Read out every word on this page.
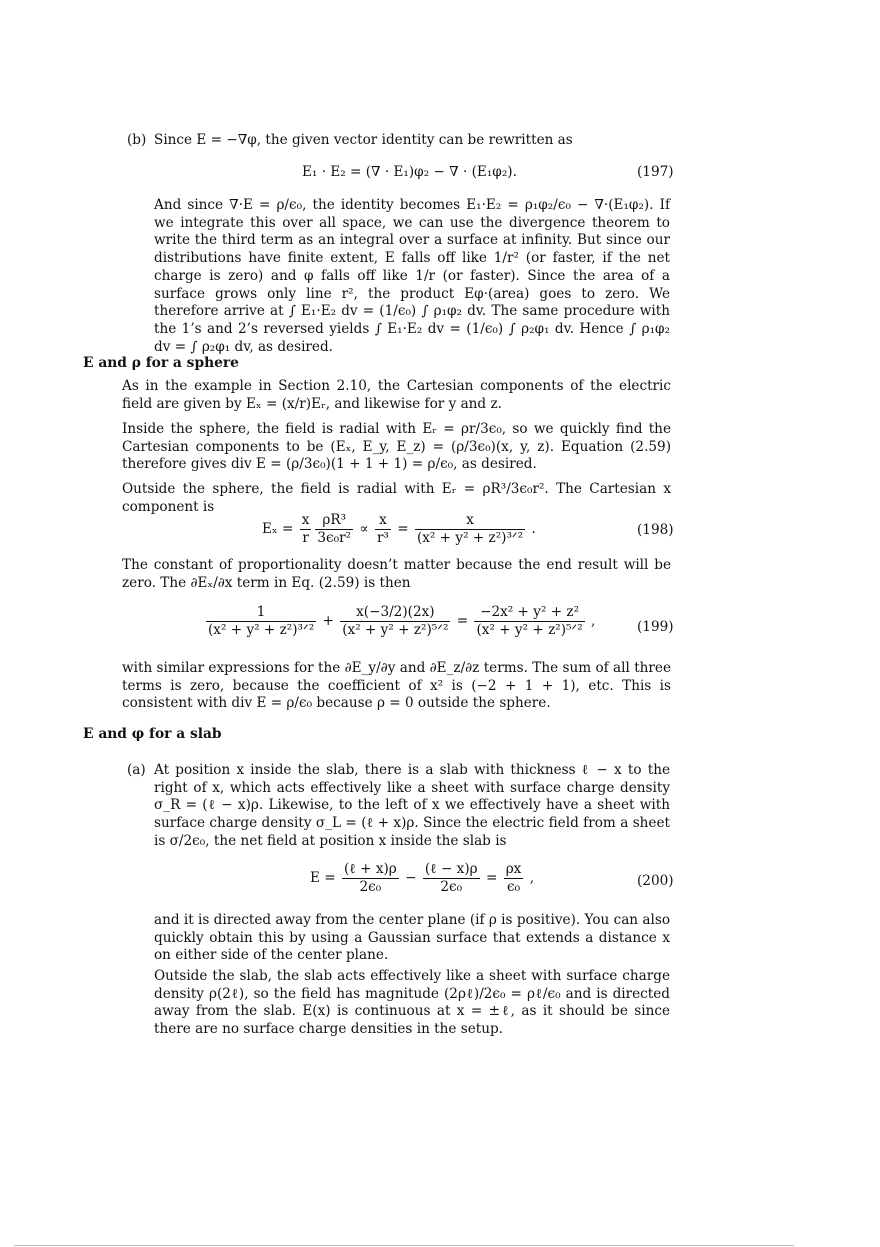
(b) Since E = −∇φ, the given vector identity can be rewritten as

E₁ · E₂ = (∇ · E₁)φ₂ − ∇ · (E₁φ₂).	(197)

And since ∇·E = ρ/ϵ₀, the identity becomes E₁·E₂ = ρ₁φ₂/ϵ₀ − ∇·(E₁φ₂). If we integrate this over all space, we can use the divergence theorem to write the third term as an integral over a surface at infinity. But since our distributions have finite extent, E falls off like 1/r² (or faster, if the net charge is zero) and φ falls off like 1/r (or faster). Since the area of a surface grows only line r², the product Eφ·(area) goes to zero. We therefore arrive at ∫ E₁·E₂ dv = (1/ϵ₀) ∫ ρ₁φ₂ dv. The same procedure with the 1’s and 2’s reversed yields ∫ E₁·E₂ dv = (1/ϵ₀) ∫ ρ₂φ₁ dv. Hence ∫ ρ₁φ₂ dv = ∫ ρ₂φ₁ dv, as desired.

E and ρ for a sphere

As in the example in Section 2.10, the Cartesian components of the electric field are given by Eₓ = (x/r)Eᵣ, and likewise for y and z.

Inside the sphere, the field is radial with Eᵣ = ρr/3ϵ₀, so we quickly find the Cartesian components to be (Eₓ, E_y, E_z) = (ρ/3ϵ₀)(x, y, z). Equation (2.59) therefore gives div E = (ρ/3ϵ₀)(1 + 1 + 1) = ρ/ϵ₀, as desired.

Outside the sphere, the field is radial with Eᵣ = ρR³/3ϵ₀r². The Cartesian x component is

$E_x = \frac{x}{r} \frac{\text{ρR³}}{\text{3ϵ₀r²}} \propto \frac{x}{\text{r³}} = \frac{x}{\text{(x² + y² + z²)³ᐟ²}}$ .	(198)

The constant of proportionality doesn’t matter because the end result will be zero. The ∂Eₓ/∂x term in Eq. (2.59) is then

$\frac{1}{\text{(x² + y² + z²)³ᐟ²}} + \frac{x(-3/2)(2x)}{\text{(x² + y² + z²)⁵ᐟ²}} = \frac{\text{−2x² + y² + z²}}{\text{(x² + y² + z²)⁵ᐟ²}}$ ,	(199)

with similar expressions for the ∂E_y/∂y and ∂E_z/∂z terms. The sum of all three terms is zero, because the coefficient of x² is (−2 + 1 + 1), etc. This is consistent with div E = ρ/ϵ₀ because ρ = 0 outside the sphere.

E and φ for a slab
(a) At position x inside the slab, there is a slab with thickness ℓ − x to the right of x, which acts effectively like a sheet with surface charge density σ_R = (ℓ − x)ρ. Likewise, to the left of x we effectively have a sheet with surface charge density σ_L = (ℓ + x)ρ. Since the electric field from a sheet is σ/2ϵ₀, the net field at position x inside the slab is

$E = \frac{\text{(ℓ + x)ρ}}{\text{2ϵ₀}} - \frac{\text{(ℓ − x)ρ}}{\text{2ϵ₀}} = \frac{\rho x}{\text{ϵ₀}}$ ,	(200)

and it is directed away from the center plane (if ρ is positive). You can also quickly obtain this by using a Gaussian surface that extends a distance x on either side of the center plane.

Outside the slab, the slab acts effectively like a sheet with surface charge density ρ(2ℓ), so the field has magnitude (2ρℓ)/2ϵ₀ = ρℓ/ϵ₀ and is directed away from the slab. E(x) is continuous at x = ±ℓ, as it should be since there are no surface charge densities in the setup.
